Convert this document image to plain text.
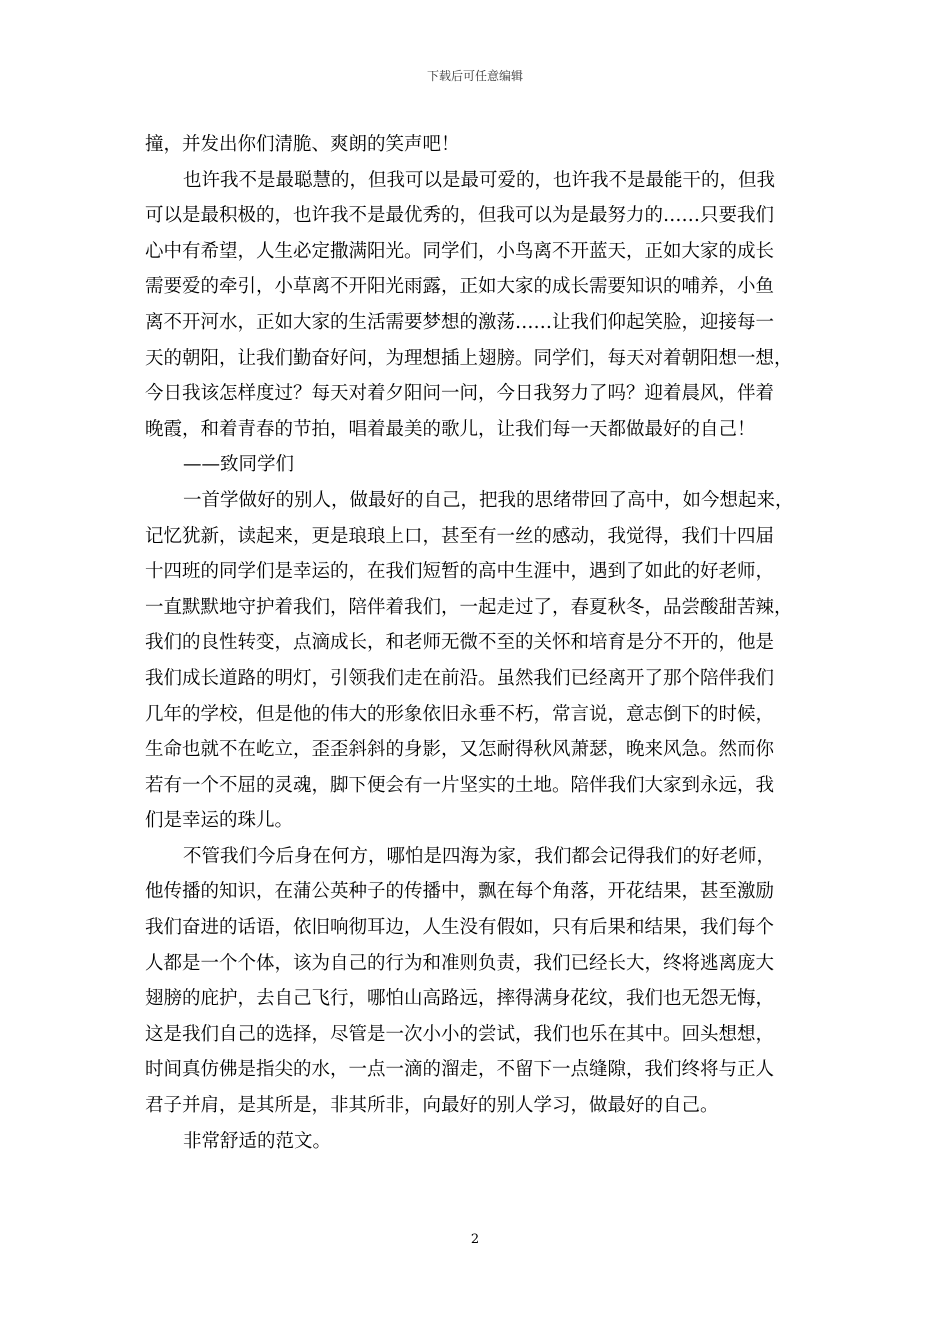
下载后可任意编辑
撞，并发出你们清脆、爽朗的笑声吧！
也许我不是最聪慧的，但我可以是最可爱的，也许我不是最能干的，但我
可以是最积极的，也许我不是最优秀的，但我可以为是最努力的……只要我们
心中有希望，人生必定撒满阳光。同学们，小鸟离不开蓝天，正如大家的成长
需要爱的牵引，小草离不开阳光雨露，正如大家的成长需要知识的哺养，小鱼
离不开河水，正如大家的生活需要梦想的激荡……让我们仰起笑脸，迎接每一
天的朝阳，让我们勤奋好问，为理想插上翅膀。同学们，每天对着朝阳想一想，
今日我该怎样度过？每天对着夕阳问一问，今日我努力了吗？迎着晨风，伴着
晚霞，和着青春的节拍，唱着最美的歌儿，让我们每一天都做最好的自己！
——致同学们
一首学做好的别人，做最好的自己，把我的思绪带回了高中，如今想起来，
记忆犹新，读起来，更是琅琅上口，甚至有一丝的感动，我觉得，我们十四届
十四班的同学们是幸运的，在我们短暂的高中生涯中，遇到了如此的好老师，
一直默默地守护着我们，陪伴着我们，一起走过了，春夏秋冬，品尝酸甜苦辣，
我们的良性转变，点滴成长，和老师无微不至的关怀和培育是分不开的，他是
我们成长道路的明灯，引领我们走在前沿。虽然我们已经离开了那个陪伴我们
几年的学校，但是他的伟大的形象依旧永垂不朽，常言说，意志倒下的时候，
生命也就不在屹立，歪歪斜斜的身影，又怎耐得秋风萧瑟，晚来风急。然而你
若有一个不屈的灵魂，脚下便会有一片坚实的土地。陪伴我们大家到永远，我
们是幸运的珠儿。
不管我们今后身在何方，哪怕是四海为家，我们都会记得我们的好老师，
他传播的知识，在蒲公英种子的传播中，飘在每个角落，开花结果，甚至激励
我们奋进的话语，依旧响彻耳边，人生没有假如，只有后果和结果，我们每个
人都是一个个体，该为自己的行为和准则负责，我们已经长大，终将逃离庞大
翅膀的庇护，去自己飞行，哪怕山高路远，摔得满身花纹，我们也无怨无悔，
这是我们自己的选择，尽管是一次小小的尝试，我们也乐在其中。回头想想，
时间真仿佛是指尖的水，一点一滴的溜走，不留下一点缝隙，我们终将与正人
君子并肩，是其所是，非其所非，向最好的别人学习，做最好的自己。
非常舒适的范文。
2
